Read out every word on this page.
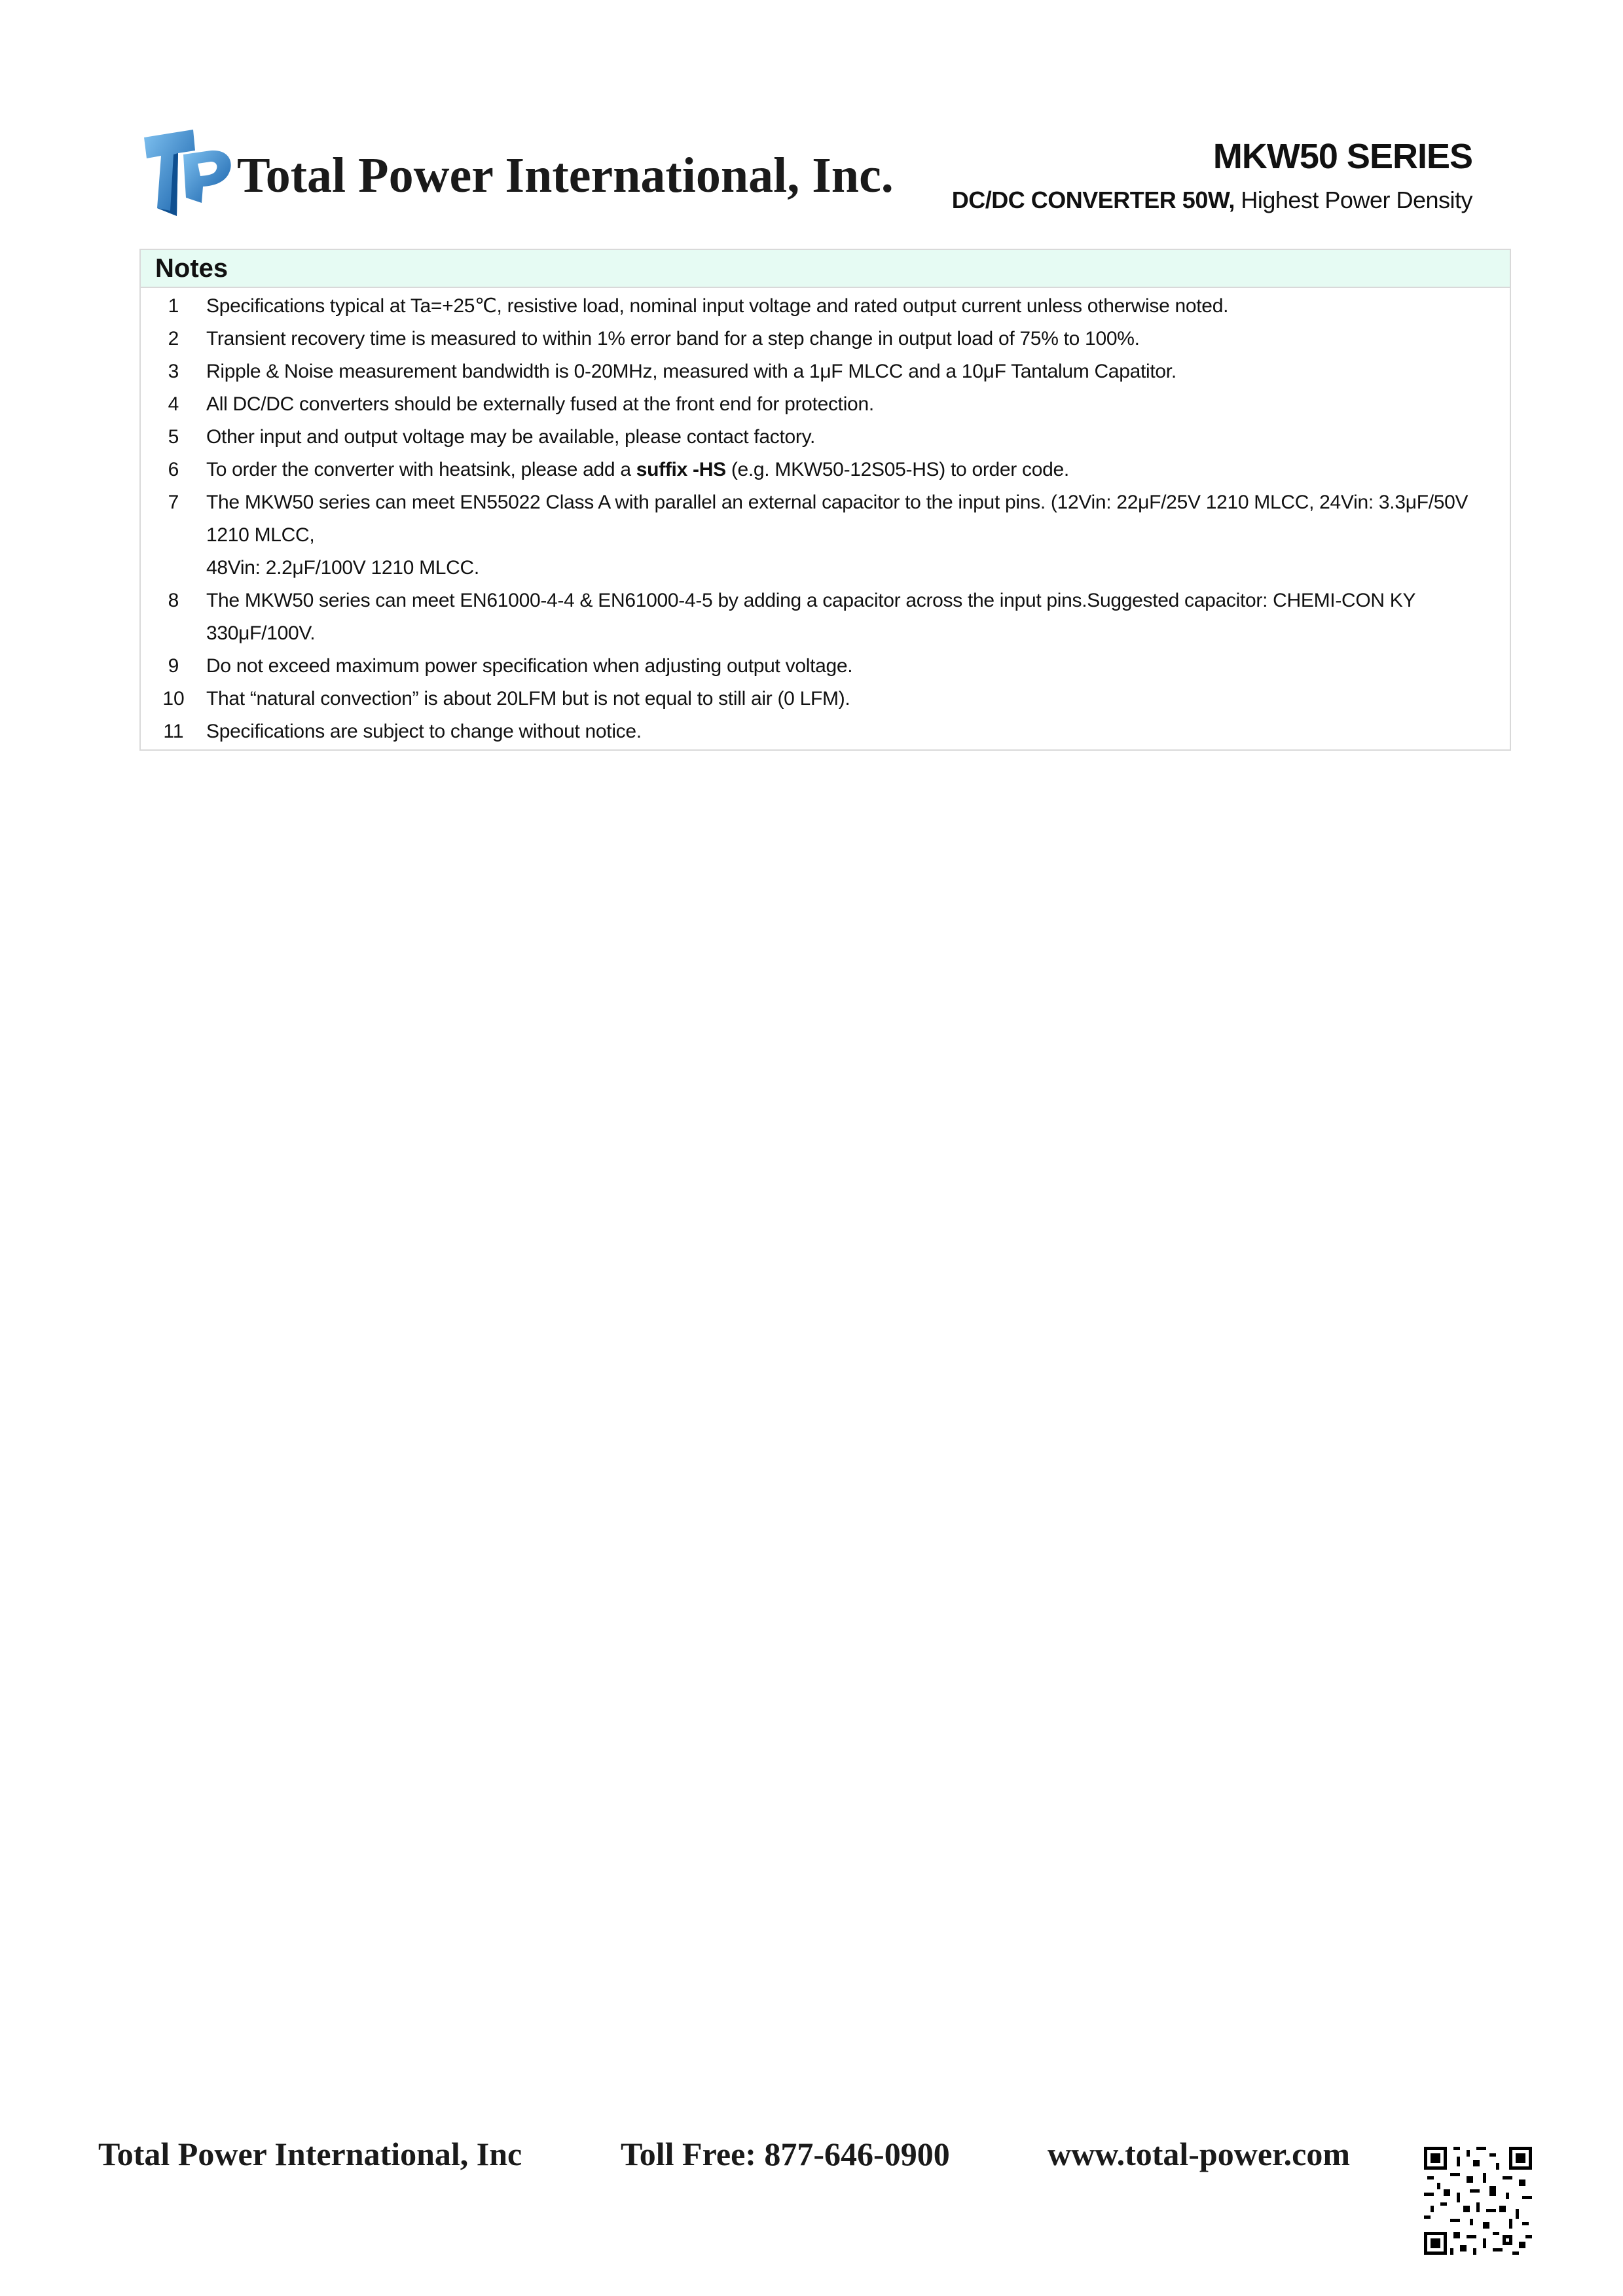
Total Power International, Inc.	MKW50 SERIES
DC/DC CONVERTER 50W, Highest Power Density
Notes
1	Specifications typical at Ta=+25℃, resistive load, nominal input voltage and rated output current unless otherwise noted.
2	Transient recovery time is measured to within 1% error band for a step change in output load of 75% to 100%.
3	Ripple & Noise measurement bandwidth is 0-20MHz, measured with a 1μF MLCC and a 10μF Tantalum Capatitor.
4	All DC/DC converters should be externally fused at the front end for protection.
5	Other input and output voltage may be available, please contact factory.
6	To order the converter with heatsink, please add a suffix -HS (e.g. MKW50-12S05-HS) to order code.
7	The MKW50 series can meet EN55022 Class A with parallel an external capacitor to the input pins. (12Vin: 22μF/25V 1210 MLCC, 24Vin: 3.3μF/50V 1210 MLCC,
48Vin: 2.2μF/100V 1210 MLCC.
8	The MKW50 series can meet EN61000-4-4 & EN61000-4-5 by adding a capacitor across the input pins.Suggested capacitor: CHEMI-CON KY 330μF/100V.
9	Do not exceed maximum power specification when adjusting output voltage.
10	That “natural convection” is about 20LFM but is not equal to still air (0 LFM).
11	Specifications are subject to change without notice.
Total Power International, Inc	Toll Free: 877-646-0900	www.total-power.com
